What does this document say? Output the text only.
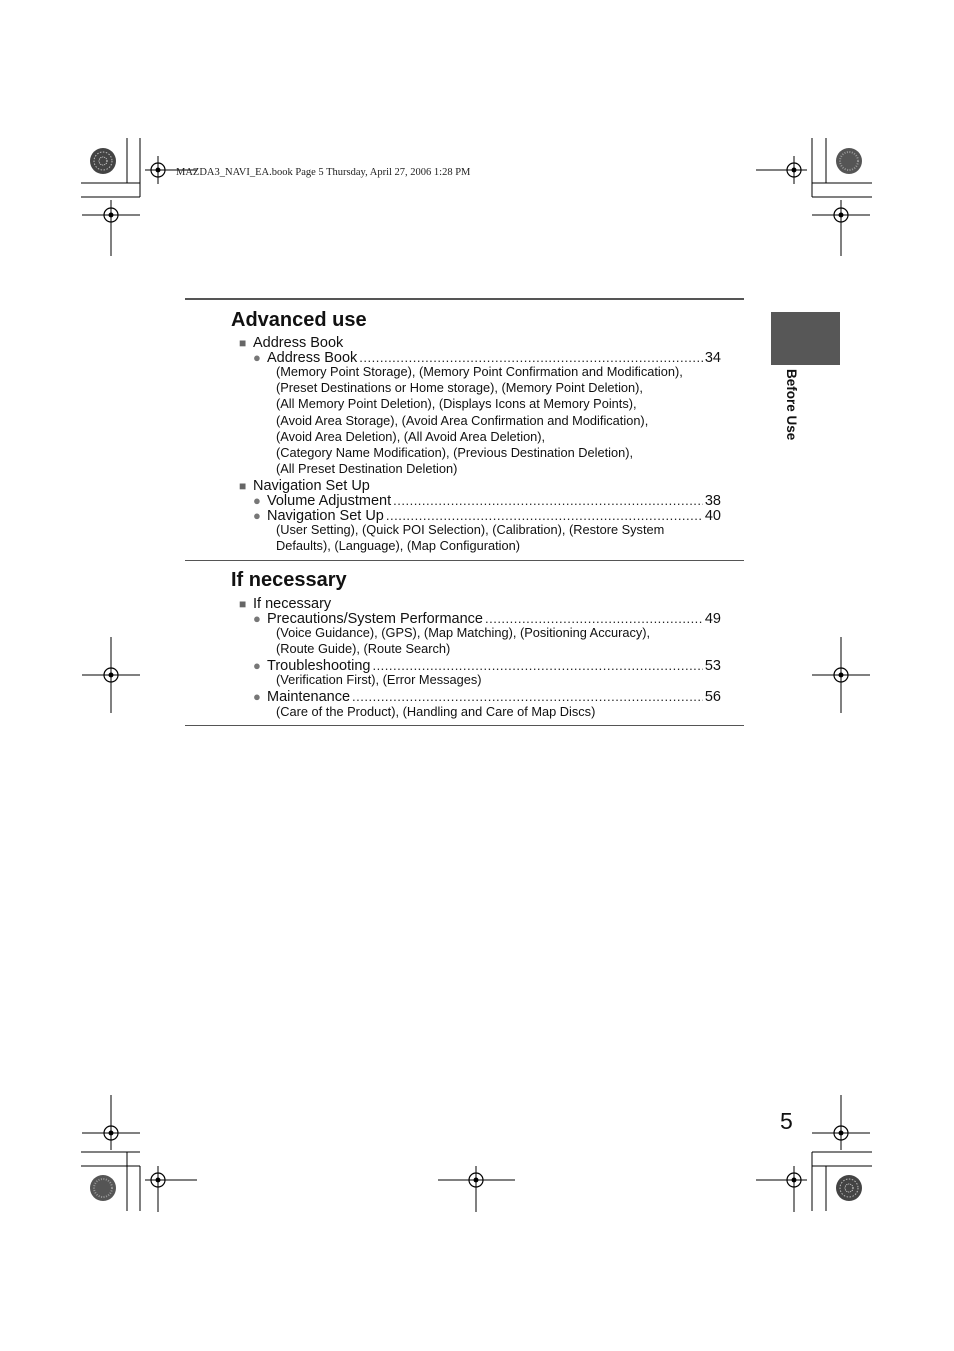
MAZDA3_NAVI_EA.book Page 5 Thursday, April 27, 2006 1:28 PM
Before Use
Advanced use
■ Address Book
● Address Book .....	34
(Memory Point Storage), (Memory Point Confirmation and Modification),
(Preset Destinations or Home storage), (Memory Point Deletion),
(All Memory Point Deletion), (Displays Icons at Memory Points),
(Avoid Area Storage), (Avoid Area Confirmation and Modification),
(Avoid Area Deletion), (All Avoid Area Deletion),
(Category Name Modification), (Previous Destination Deletion),
(All Preset Destination Deletion)
■ Navigation Set Up
● Volume Adjustment .....	38
● Navigation Set Up .....	40
(User Setting), (Quick POI Selection), (Calibration), (Restore System
Defaults), (Language), (Map Configuration)
If necessary
■ If necessary
● Precautions/System Performance .....	49
(Voice Guidance), (GPS), (Map Matching), (Positioning Accuracy),
(Route Guide), (Route Search)
● Troubleshooting .....	53
(Verification First), (Error Messages)
● Maintenance .....	56
(Care of the Product), (Handling and Care of Map Discs)
5
